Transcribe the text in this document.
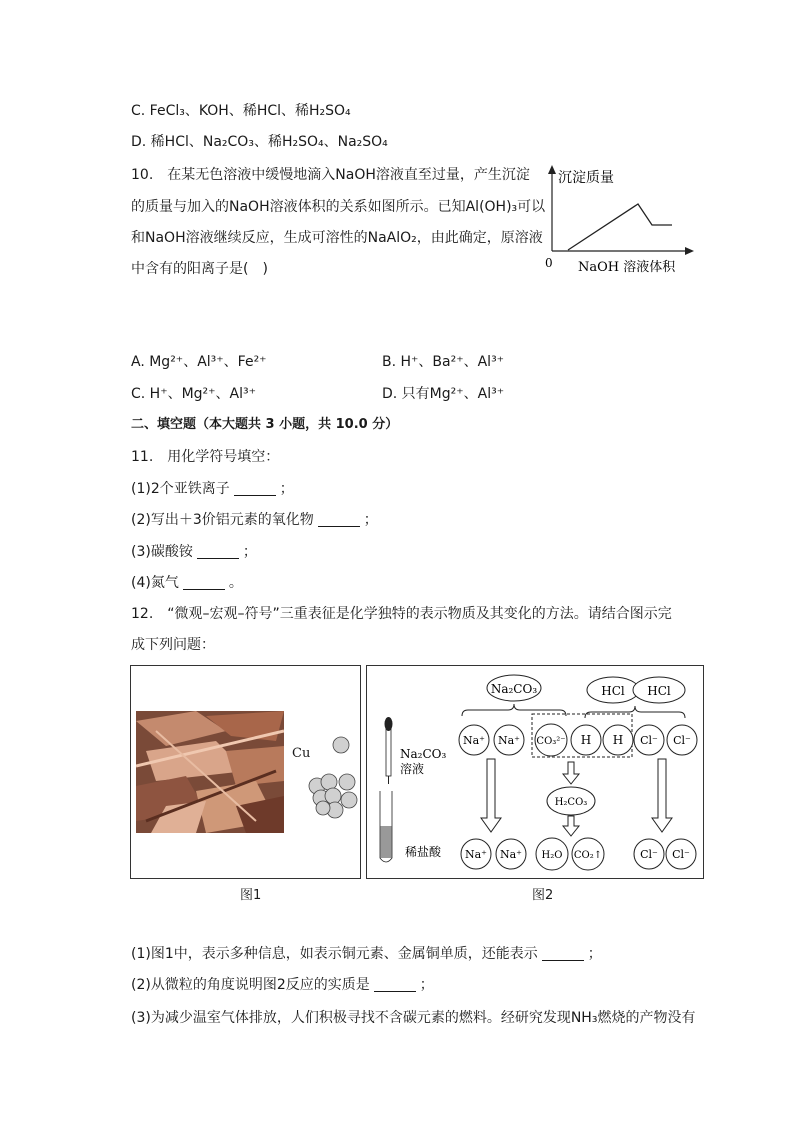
C. FeCl₃、KOH、稀HCl、稀H₂SO₄
D. 稀HCl、Na₂CO₃、稀H₂SO₄、Na₂SO₄
10.　在某无色溶液中缓慢地滴入NaOH溶液直至过量，产生沉淀
的质量与加入的NaOH溶液体积的关系如图所示。已知Al(OH)₃可以
和NaOH溶液继续反应，生成可溶性的NaAlO₂，由此确定，原溶液
中含有的阳离子是(　)
沉淀质量
0 NaOH 溶液体积
A. Mg²⁺、Al³⁺、Fe²⁺	B. H⁺、Ba²⁺、Al³⁺
C. H⁺、Mg²⁺、Al³⁺	D. 只有Mg²⁺、Al³⁺
二、填空题（本大题共 3 小题，共 10.0 分）
11.　用化学符号填空：
(1)2个亚铁离子	；
(2)写出＋3价铝元素的氧化物	；
(3)碳酸铵	；
(4)氮气	。
12.　“微观–宏观–符号”三重表征是化学独特的表示物质及其变化的方法。请结合图示完
成下列问题：
Cu
图1
Na₂CO₃
溶液
稀盐酸
Na₂CO₃	HCl HCl
Na⁺ Na⁺ CO₃²⁻ H H Cl⁻ Cl⁻
H₂CO₃
Na⁺ Na⁺ H₂O CO₂↑	Cl⁻ Cl⁻
图2
(1)图1中，表示多种信息，如表示铜元素、金属铜单质，还能表示	；
(2)从微粒的角度说明图2反应的实质是	；
(3)为减少温室气体排放，人们积极寻找不含碳元素的燃料。经研究发现NH₃燃烧的产物没有
